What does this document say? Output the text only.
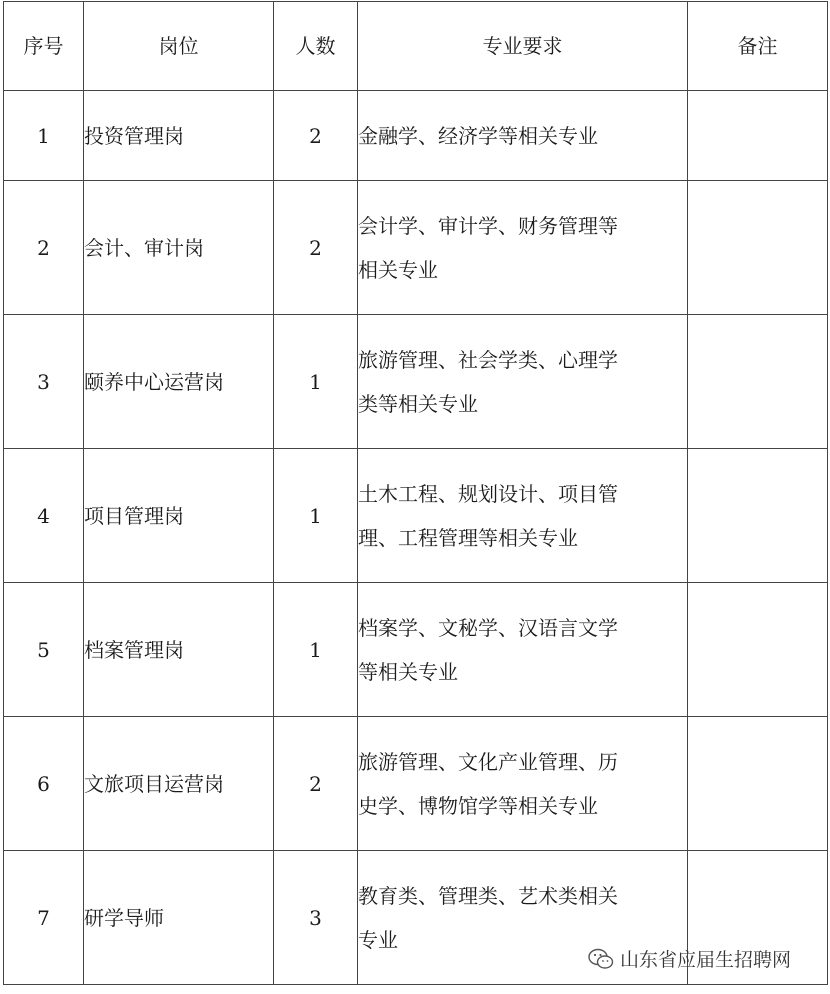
序号	岗位	人数	专业要求	备注
1	投资管理岗	2	金融学、经济学等相关专业	

2	会计、审计岗	2	会计学、审计学、财务管理等
相关专业	

3	颐养中心运营岗	1	旅游管理、社会学类、心理学
类等相关专业	

4	项目管理岗	1	土木工程、规划设计、项目管
理、工程管理等相关专业	

5	档案管理岗	1	档案学、文秘学、汉语言文学
等相关专业	

6	文旅项目运营岗	2	旅游管理、文化产业管理、历
史学、博物馆学等相关专业	

7	研学导师	3	教育类、管理类、艺术类相关
专业	

山东省应届生招聘网
